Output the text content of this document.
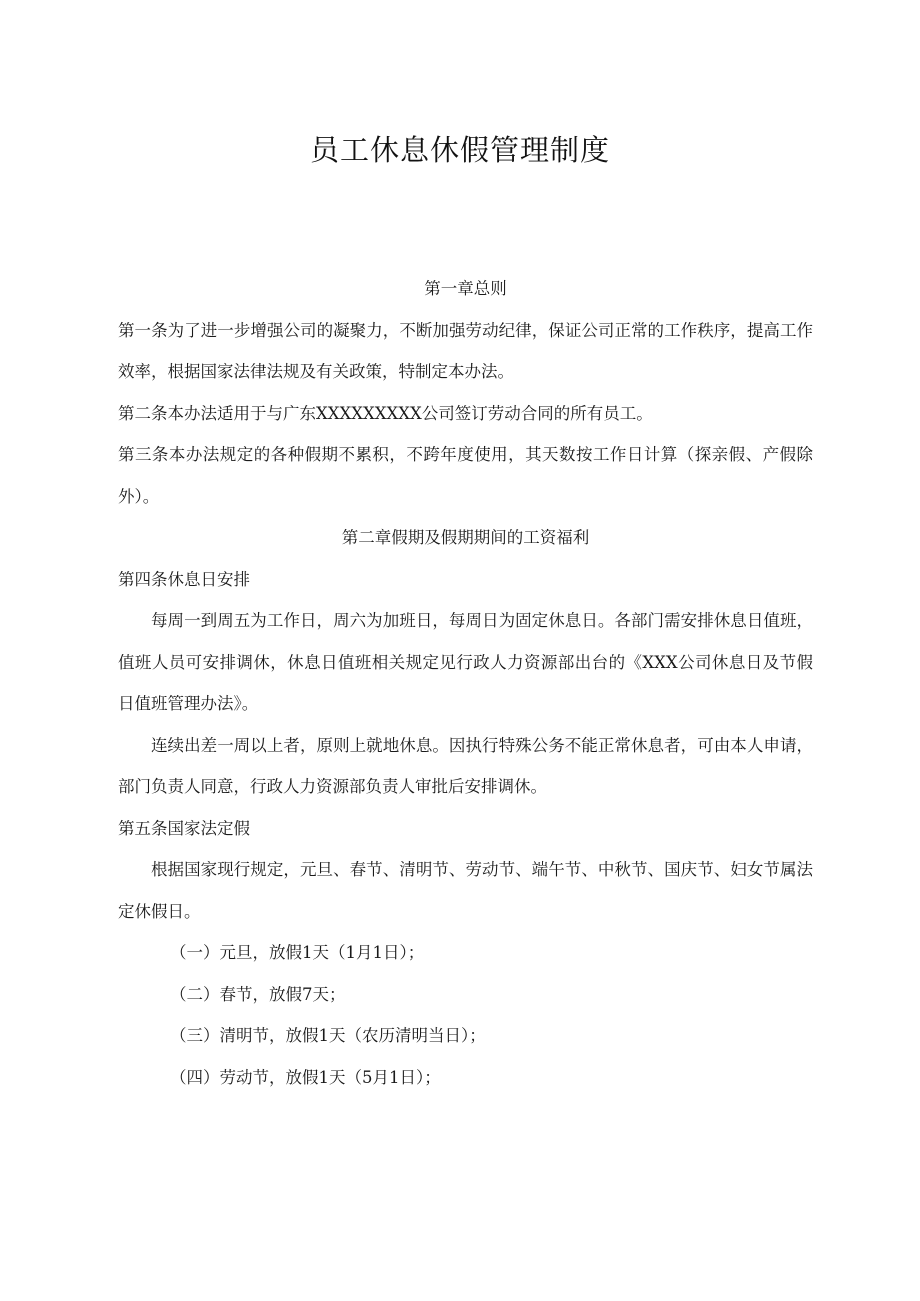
员工休息休假管理制度

第一章总则

第一条为了进一步增强公司的凝聚力，不断加强劳动纪律，保证公司正常的工作秩序，提高工作效率，根据国家法律法规及有关政策，特制定本办法。

第二条本办法适用于与广东XXXXXXXXX公司签订劳动合同的所有员工。

第三条本办法规定的各种假期不累积，不跨年度使用，其天数按工作日计算（探亲假、产假除外）。

第二章假期及假期期间的工资福利

第四条休息日安排

每周一到周五为工作日，周六为加班日，每周日为固定休息日。各部门需安排休息日值班，值班人员可安排调休，休息日值班相关规定见行政人力资源部出台的《XXX公司休息日及节假日值班管理办法》。

连续出差一周以上者，原则上就地休息。因执行特殊公务不能正常休息者，可由本人申请，部门负责人同意，行政人力资源部负责人审批后安排调休。

第五条国家法定假

根据国家现行规定，元旦、春节、清明节、劳动节、端午节、中秋节、国庆节、妇女节属法定休假日。

（一）元旦，放假1天（1月1日）；

（二）春节，放假7天；

（三）清明节，放假1天（农历清明当日）；

（四）劳动节，放假1天（5月1日）；
